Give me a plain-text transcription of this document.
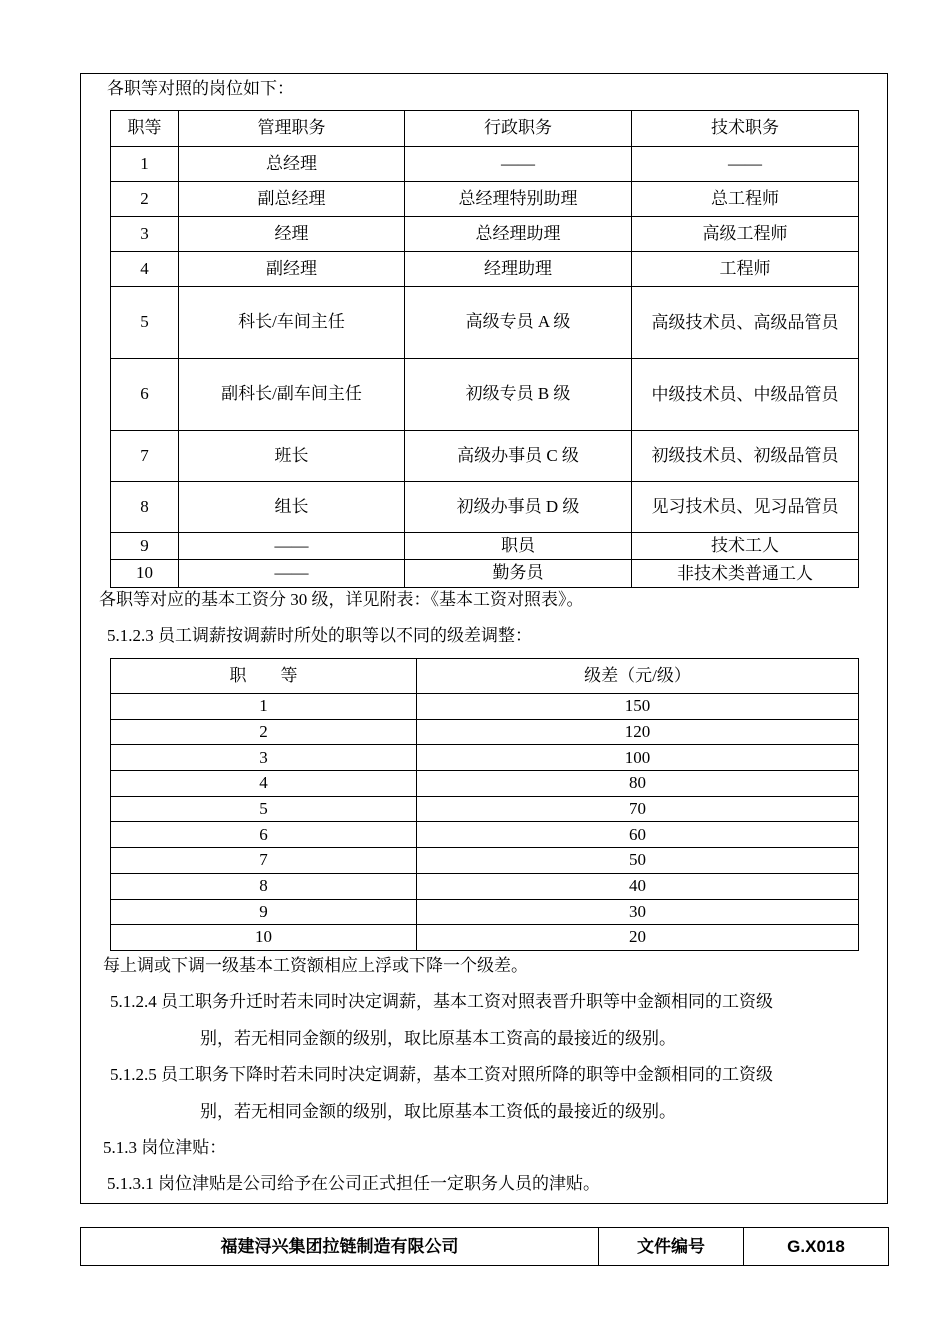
各职等对照的岗位如下：
职等	管理职务	行政职务	技术职务
1	总经理	——	——
2	副总经理	总经理特别助理	总工程师
3	经理	总经理助理	高级工程师
4	副经理	经理助理	工程师
5	科长/车间主任	高级专员 A 级	高级技术员、高级品管员
6	副科长/副车间主任	初级专员 B 级	中级技术员、中级品管员
7	班长	高级办事员 C 级	初级技术员、初级品管员
8	组长	初级办事员 D 级	见习技术员、见习品管员
9	——	职员	技术工人
10	——	勤务员	非技术类普通工人
各职等对应的基本工资分 30 级，详见附表：《基本工资对照表》。
5.1.2.3 员工调薪按调薪时所处的职等以不同的级差调整：
职　　等	级差（元/级）
1	150
2	120
3	100
4	80
5	70
6	60
7	50
8	40
9	30
10	20
每上调或下调一级基本工资额相应上浮或下降一个级差。
5.1.2.4 员工职务升迁时若未同时决定调薪，基本工资对照表晋升职等中金额相同的工资级
别，若无相同金额的级别，取比原基本工资高的最接近的级别。
5.1.2.5 员工职务下降时若未同时决定调薪，基本工资对照所降的职等中金额相同的工资级
别，若无相同金额的级别，取比原基本工资低的最接近的级别。
5.1.3 岗位津贴：
5.1.3.1 岗位津贴是公司给予在公司正式担任一定职务人员的津贴。
福建浔兴集团拉链制造有限公司	文件编号	G.X018
